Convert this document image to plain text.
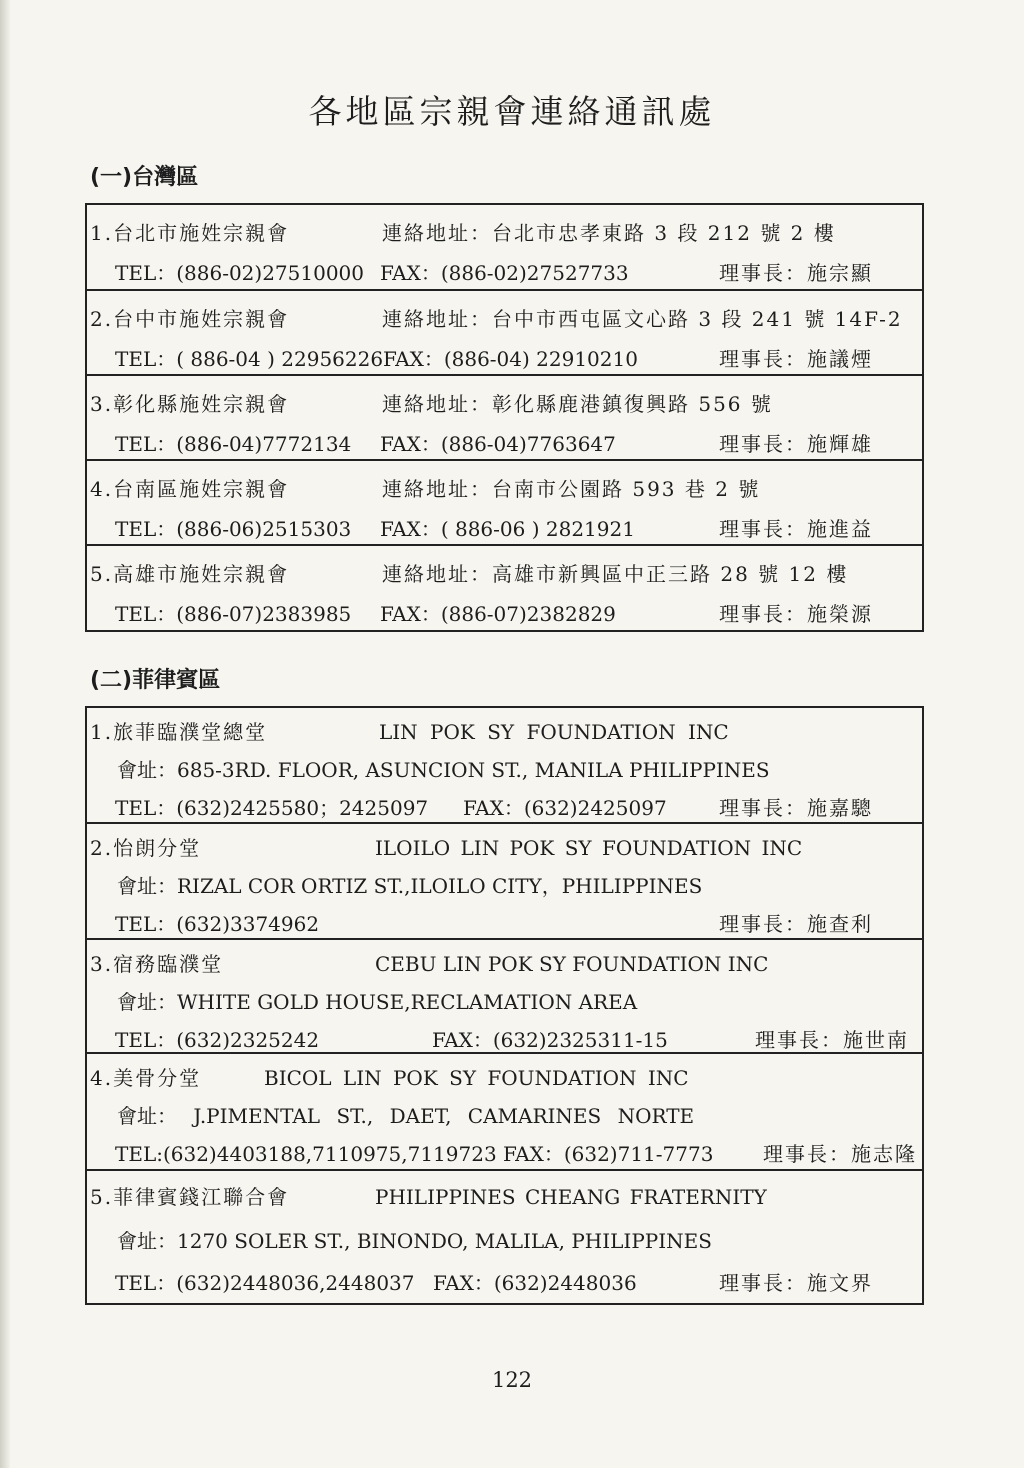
各地區宗親會連絡通訊處
(一)台灣區
1.台北市施姓宗親會	連絡地址：台北市忠孝東路 3 段 212 號 2 樓
TEL：(886-02)27510000 FAX：(886-02)27527733	理事長：施宗顯
2.台中市施姓宗親會	連絡地址：台中市西屯區文心路 3 段 241 號 14F-2
TEL：( 886-04 ) 22956226 FAX：(886-04) 22910210	理事長：施議煙
3.彰化縣施姓宗親會	連絡地址：彰化縣鹿港鎮復興路 556 號
TEL：(886-04)7772134 FAX：(886-04)7763647	理事長：施輝雄
4.台南區施姓宗親會	連絡地址：台南市公園路 593 巷 2 號
TEL：(886-06)2515303 FAX：( 886-06 ) 2821921	理事長：施進益
5.高雄市施姓宗親會	連絡地址：高雄市新興區中正三路 28 號 12 樓
TEL：(886-07)2383985 FAX：(886-07)2382829	理事長：施榮源
(二)菲律賓區
1.旅菲臨濮堂總堂	LIN POK SY FOUNDATION INC
會址：685-3RD. FLOOR, ASUNCION ST., MANILA PHILIPPINES
TEL：(632)2425580；2425097 FAX：(632)2425097	理事長：施嘉驄
2.怡朗分堂	ILOILO LIN POK SY FOUNDATION INC
會址：RIZAL COR ORTIZ ST.,ILOILO CITY，PHILIPPINES
TEL：(632)3374962	理事長：施查利
3.宿務臨濮堂	CEBU LIN POK SY FOUNDATION INC
會址：WHITE GOLD HOUSE,RECLAMATION AREA
TEL：(632)2325242	FAX：(632)2325311-15	理事長：施世南
4.美骨分堂	BICOL LIN POK SY FOUNDATION INC
會址： J.PIMENTAL ST., DAET, CAMARINES NORTE
TEL:(632)4403188,7110975,7119723 FAX：(632)711-7773 理事長：施志隆
5.菲律賓錢江聯合會	PHILIPPINES CHEANG FRATERNITY
會址：1270 SOLER ST., BINONDO, MALILA, PHILIPPINES
TEL：(632)2448036,2448037 FAX：(632)2448036	理事長：施文界
122
